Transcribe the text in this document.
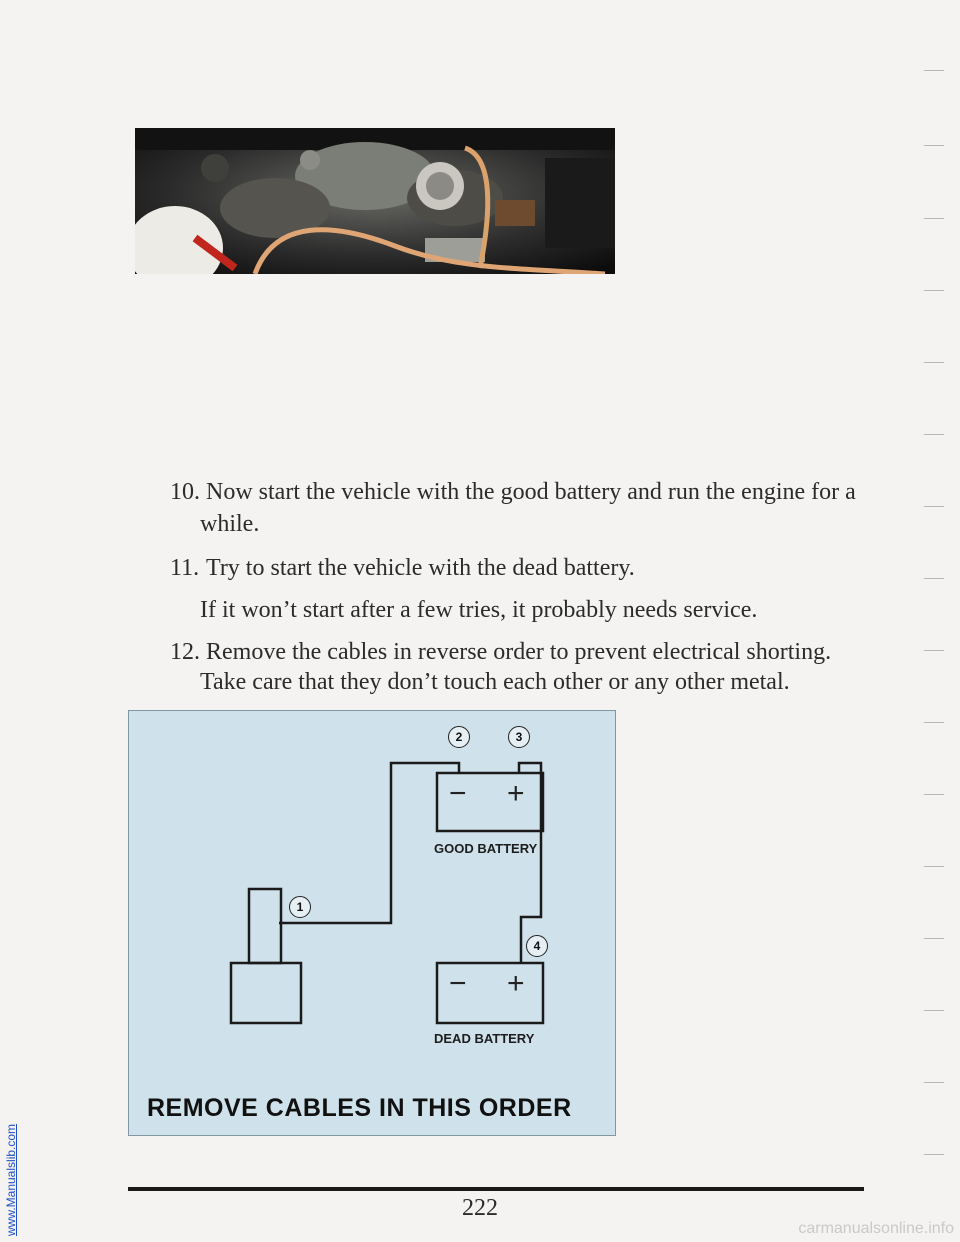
www.Manualslib.com
10. Now start the vehicle with the good battery and run the engine for a
while.
11. Try to start the vehicle with the dead battery.
If it won’t start after a few tries, it probably needs service.
12. Remove the cables in reverse order to prevent electrical shorting.
Take care that they don’t touch each other or any other metal.
− +
− +
2	3
1
4
GOOD BATTERY
DEAD BATTERY
REMOVE CABLES IN THIS ORDER
222
carmanualsonline.info
